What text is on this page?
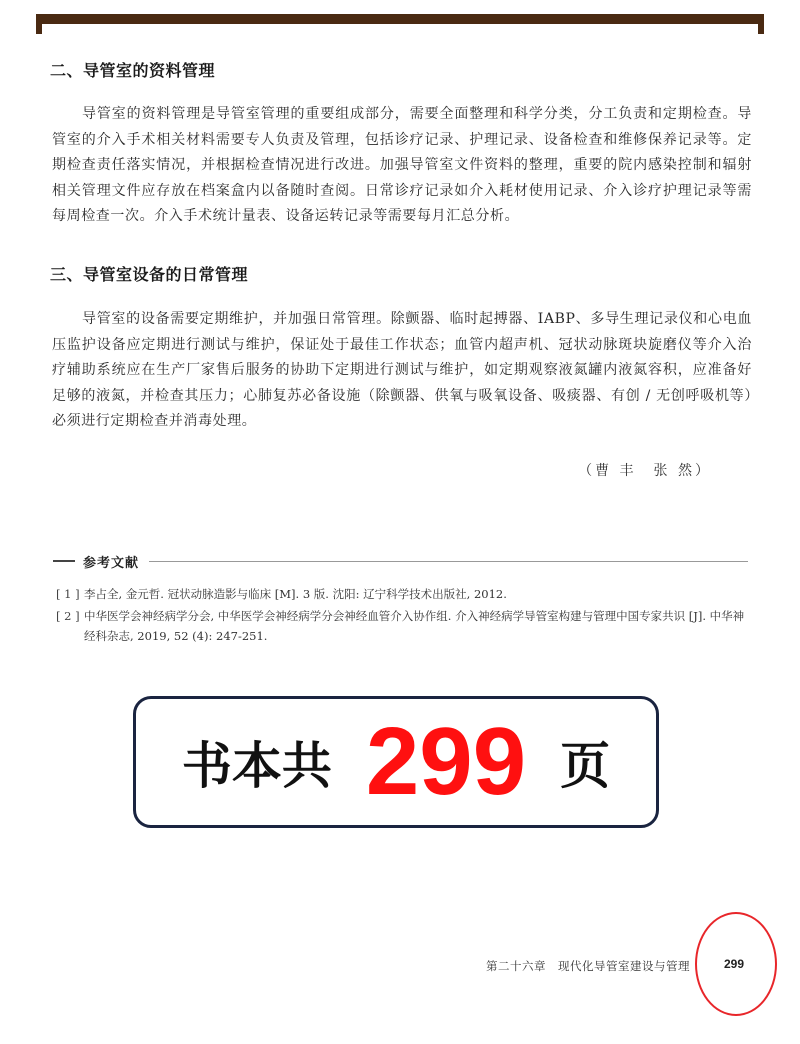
二、导管室的资料管理
导管室的资料管理是导管室管理的重要组成部分，需要全面整理和科学分类，分工负责和定期检查。导管室的介入手术相关材料需要专人负责及管理，包括诊疗记录、护理记录、设备检查和维修保养记录等。定期检查责任落实情况，并根据检查情况进行改进。加强导管室文件资料的整理，重要的院内感染控制和辐射相关管理文件应存放在档案盒内以备随时查阅。日常诊疗记录如介入耗材使用记录、介入诊疗护理记录等需每周检查一次。介入手术统计量表、设备运转记录等需要每月汇总分析。
三、导管室设备的日常管理
导管室的设备需要定期维护，并加强日常管理。除颤器、临时起搏器、IABP、多导生理记录仪和心电血压监护设备应定期进行测试与维护，保证处于最佳工作状态；血管内超声机、冠状动脉斑块旋磨仪等介入治疗辅助系统应在生产厂家售后服务的协助下定期进行测试与维护，如定期观察液氮罐内液氮容积，应准备好足够的液氮，并检查其压力；心肺复苏必备设施（除颤器、供氧与吸氧设备、吸痰器、有创 / 无创呼吸机等）必须进行定期检查并消毒处理。
（曹 丰　张 然）
参考文献
[ 1 ] 李占全, 金元哲. 冠状动脉造影与临床 [M]. 3 版. 沈阳: 辽宁科学技术出版社, 2012.
[ 2 ] 中华医学会神经病学分会, 中华医学会神经病学分会神经血管介入协作组. 介入神经病学导管室构建与管理中国专家共识 [J]. 中华神经科杂志, 2019, 52 (4): 247-251.
书本共 299 页
第二十六章　现代化导管室建设与管理	299
